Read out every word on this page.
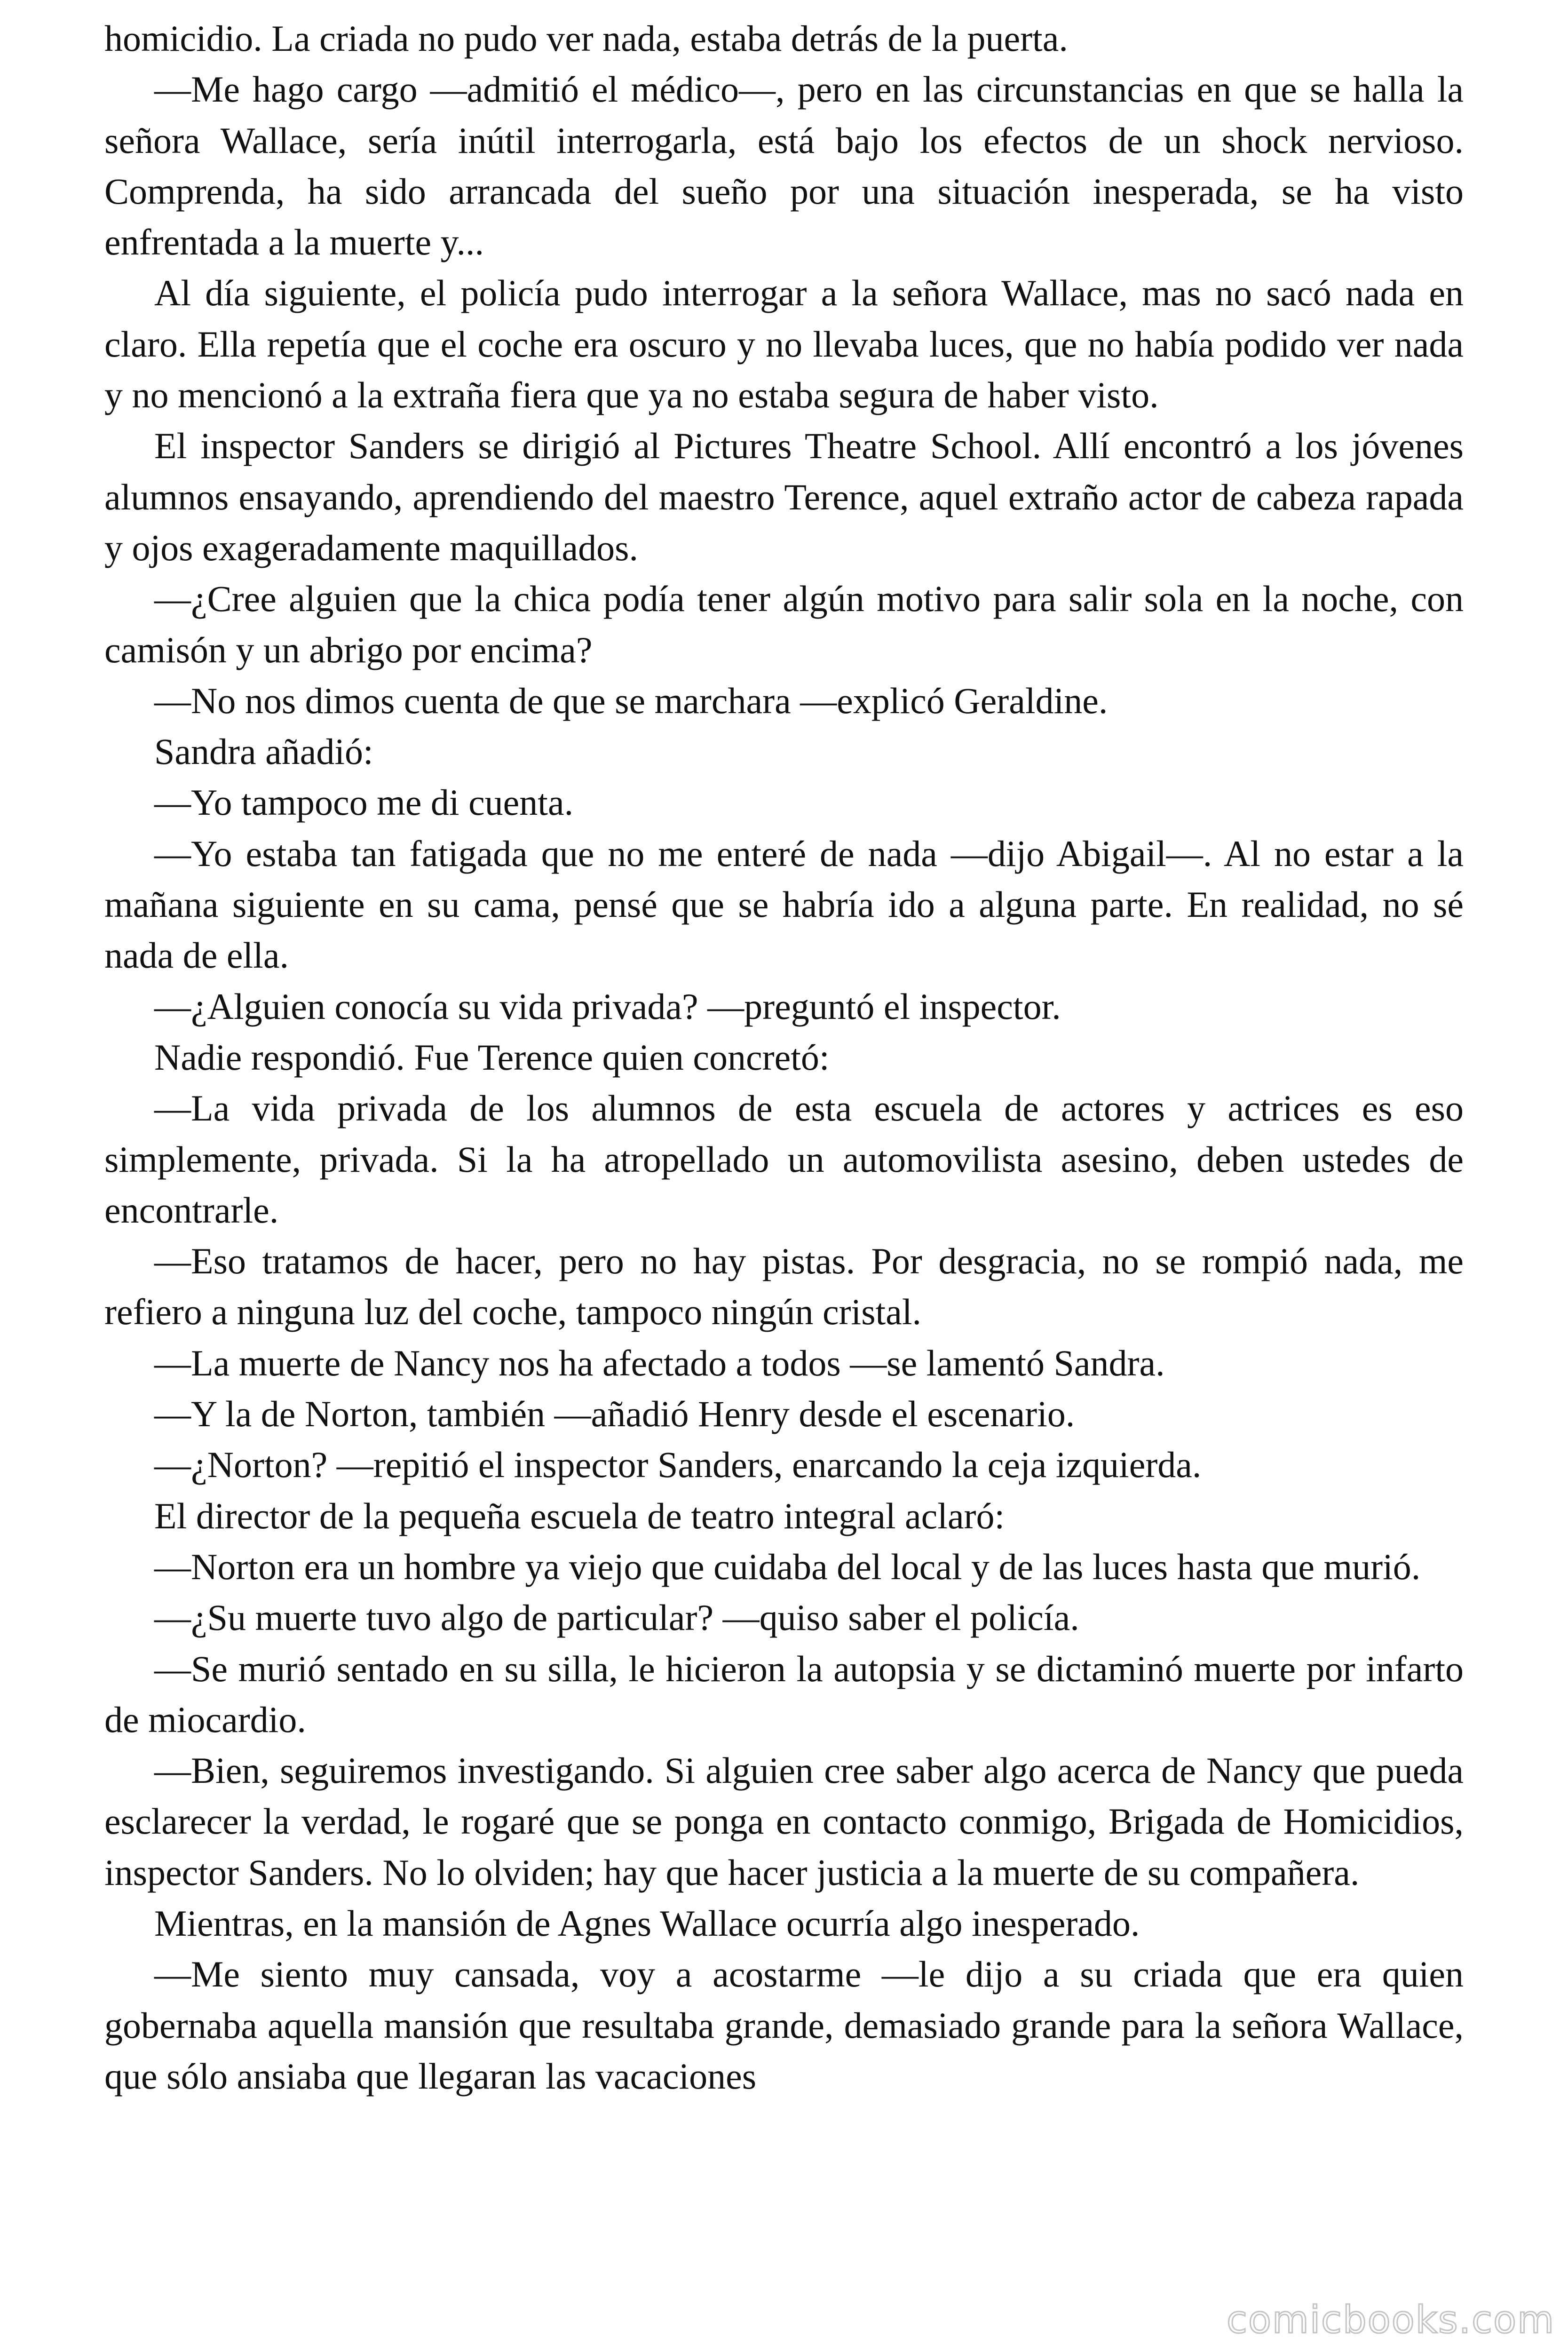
homicidio. La criada no pudo ver nada, estaba detrás de la puerta.

—Me hago cargo —admitió el médico—, pero en las circunstancias en que se halla la señora Wallace, sería inútil interrogarla, está bajo los efectos de un shock nervioso. Comprenda, ha sido arrancada del sueño por una situación inesperada, se ha visto enfrentada a la muerte y...

Al día siguiente, el policía pudo interrogar a la señora Wallace, mas no sacó nada en claro. Ella repetía que el coche era oscuro y no llevaba luces, que no había podido ver nada y no mencionó a la extraña fiera que ya no estaba segura de haber visto.

El inspector Sanders se dirigió al Pictures Theatre School. Allí encontró a los jóvenes alumnos ensayando, aprendiendo del maestro Terence, aquel extraño actor de cabeza rapada y ojos exageradamente maquillados.

—¿Cree alguien que la chica podía tener algún motivo para salir sola en la noche, con camisón y un abrigo por encima?

—No nos dimos cuenta de que se marchara —explicó Geraldine.

Sandra añadió:

—Yo tampoco me di cuenta.

—Yo estaba tan fatigada que no me enteré de nada —dijo Abigail—. Al no estar a la mañana siguiente en su cama, pensé que se habría ido a alguna parte. En realidad, no sé nada de ella.

—¿Alguien conocía su vida privada? —preguntó el inspector.

Nadie respondió. Fue Terence quien concretó:

—La vida privada de los alumnos de esta escuela de actores y actrices es eso simplemente, privada. Si la ha atropellado un automovilista asesino, deben ustedes de encontrarle.

—Eso tratamos de hacer, pero no hay pistas. Por desgracia, no se rompió nada, me refiero a ninguna luz del coche, tampoco ningún cristal.

—La muerte de Nancy nos ha afectado a todos —se lamentó Sandra.

—Y la de Norton, también —añadió Henry desde el escenario.

—¿Norton? —repitió el inspector Sanders, enarcando la ceja izquierda.

El director de la pequeña escuela de teatro integral aclaró:

—Norton era un hombre ya viejo que cuidaba del local y de las luces hasta que murió.

—¿Su muerte tuvo algo de particular? —quiso saber el policía.

—Se murió sentado en su silla, le hicieron la autopsia y se dictaminó muerte por infarto de miocardio.

—Bien, seguiremos investigando. Si alguien cree saber algo acerca de Nancy que pueda esclarecer la verdad, le rogaré que se ponga en contacto conmigo, Brigada de Homicidios, inspector Sanders. No lo olviden; hay que hacer justicia a la muerte de su compañera.

Mientras, en la mansión de Agnes Wallace ocurría algo inesperado.

—Me siento muy cansada, voy a acostarme —le dijo a su criada que era quien gobernaba aquella mansión que resultaba grande, demasiado grande para la señora Wallace, que sólo ansiaba que llegaran las vacaciones

comicbooks.com
